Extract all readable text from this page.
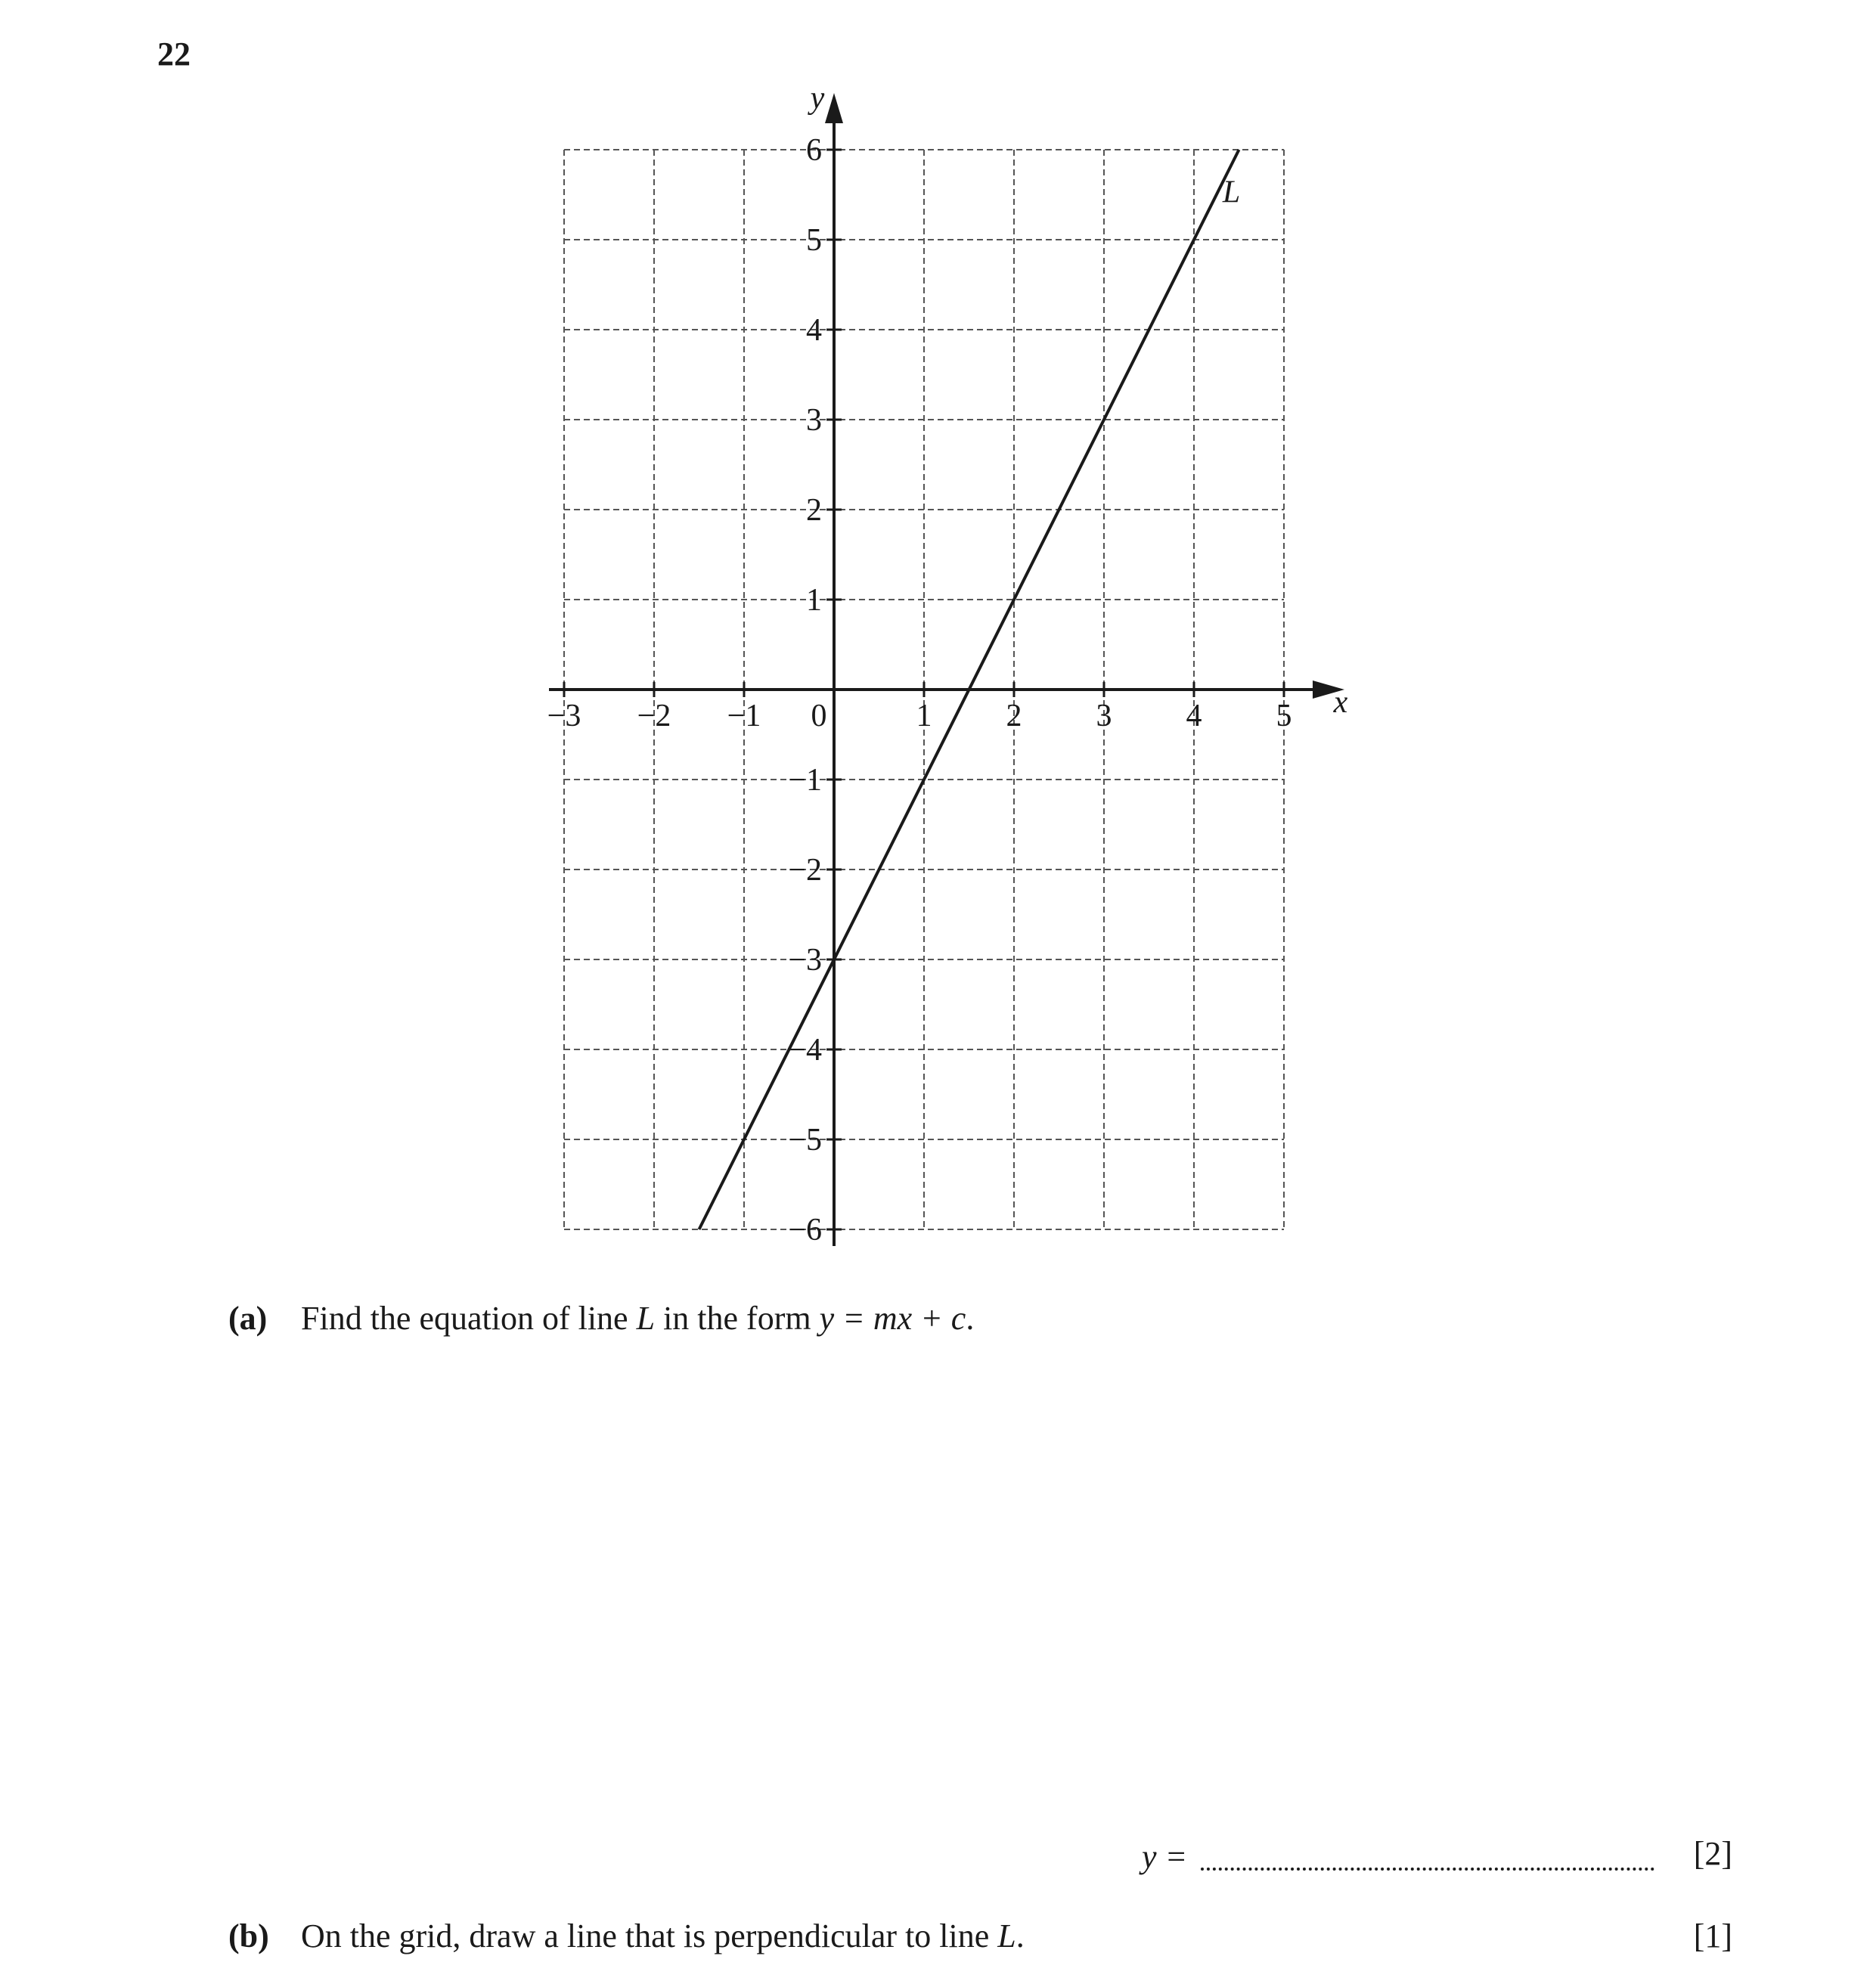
22
−3 −2 −1 0	1 2 3 4 5
1
2
3
4
5
6
−1
−2
−3
−4
−5
−6
x
y
L
(a) Find the equation of line L in the form y = mx + c.
y =	[2]
(b) On the grid, draw a line that is perpendicular to line L.	[1]
